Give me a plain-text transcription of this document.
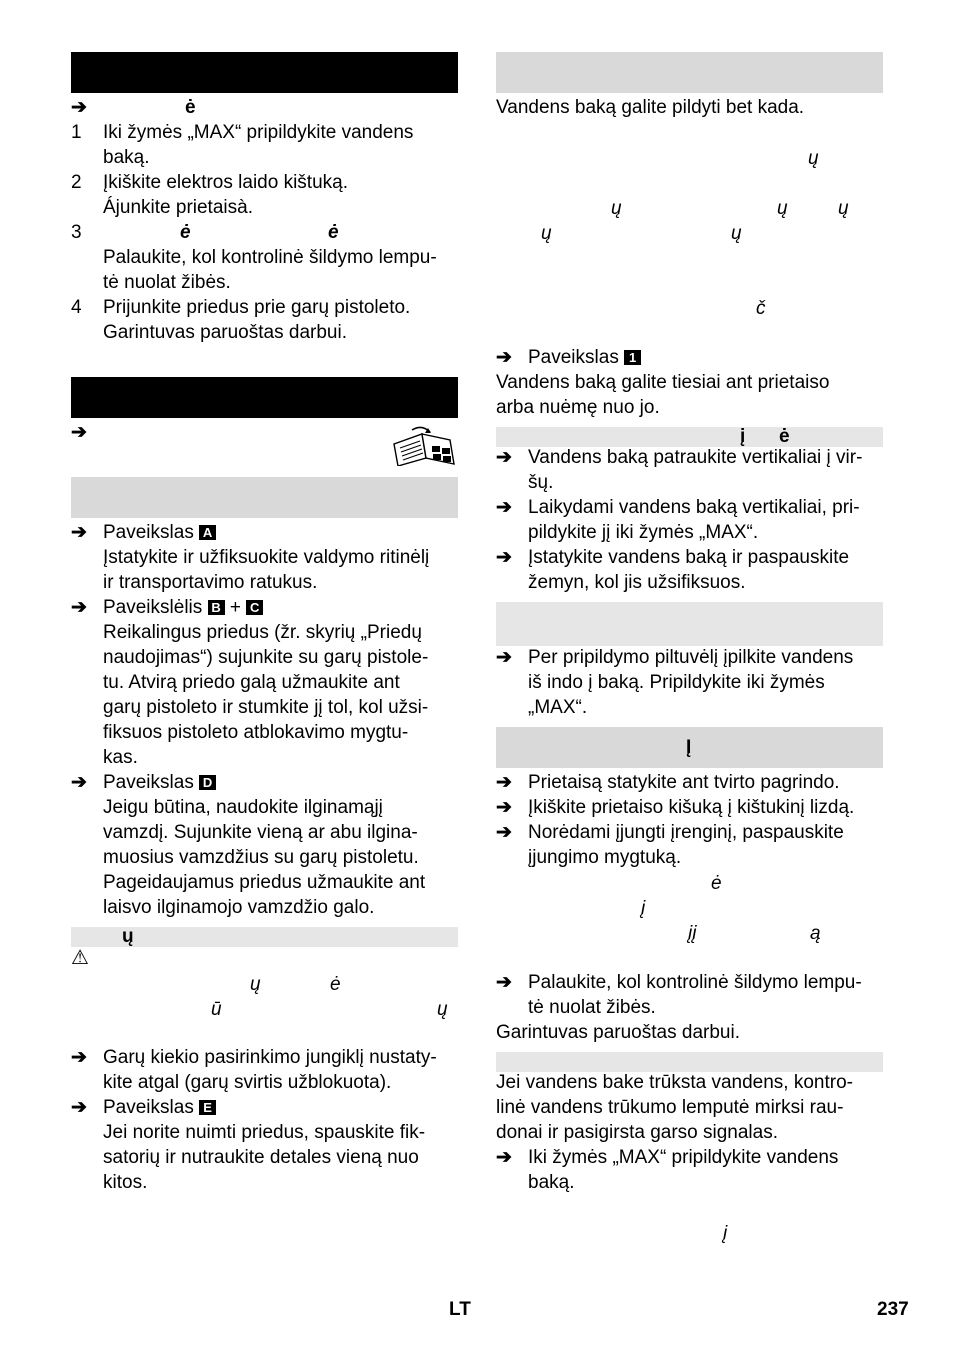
➔	ė
1 Iki žymės „MAX“ pripildykite vandens
baką.
2 Įkiškite elektros laido kištuką.
Ájunkite prietaisà.
3	ė	ė
Palaukite, kol kontrolinė šildymo lempu-
tė nuolat žibės.
4 Prijunkite priedus prie garų pistoleto.
Garintuvas paruoštas darbui.
➔
➔ Paveikslas A
Įstatykite ir užfiksuokite valdymo ritinėlį
ir transportavimo ratukus.
➔ Paveikslėlis B + C
Reikalingus priedus (žr. skyrių „Priedų
naudojimas“) sujunkite su garų pistole-
tu. Atvirą priedo galą užmaukite ant
garų pistoleto ir stumkite jį tol, kol užsi-
fiksuos pistoleto atblokavimo mygtu-
kas.
➔ Paveikslas D
Jeigu būtina, naudokite ilginamąjį
vamzdį. Sujunkite vieną ar abu ilgina-
muosius vamzdžius su garų pistoletu.
Pageidaujamus priedus užmaukite ant
laisvo ilginamojo vamzdžio galo.
ų
⚠
ų	ė
ū	ų
➔ Garų kiekio pasirinkimo jungiklį nustaty-
kite atgal (garų svirtis užblokuota).
➔ Paveikslas E
Jei norite nuimti priedus, spauskite fik-
satorių ir nutraukite detales vieną nuo
kitos.
Vandens baką galite pildyti bet kada.
ų
ų	ų	ų
ų	ų
č
➔ Paveikslas 1
Vandens baką galite tiesiai ant prietaiso
arba nuėmę nuo jo.
į ė
➔ Vandens baką patraukite vertikaliai į vir-
šų.
➔ Laikydami vandens baką vertikaliai, pri-
pildykite jį iki žymės „MAX“.
➔ Įstatykite vandens baką ir paspauskite
žemyn, kol jis užsifiksuos.
➔ Per pripildymo piltuvėlį įpilkite vandens
iš indo į baką. Pripildykite iki žymės
„MAX“.
Į
➔ Prietaisą statykite ant tvirto pagrindo.
➔ Įkiškite prietaiso kišuką į kištukinį lizdą.
➔ Norėdami įjungti įrenginį, paspauskite
įjungimo mygtuką.
ė
į
įį	ą
➔ Palaukite, kol kontrolinė šildymo lempu-
tė nuolat žibės.
Garintuvas paruoštas darbui.
Jei vandens bake trūksta vandens, kontro-
linė vandens trūkumo lemputė mirksi rau-
donai ir pasigirsta garso signalas.
➔ Iki žymės „MAX“ pripildykite vandens
baką.
į
LT	237
